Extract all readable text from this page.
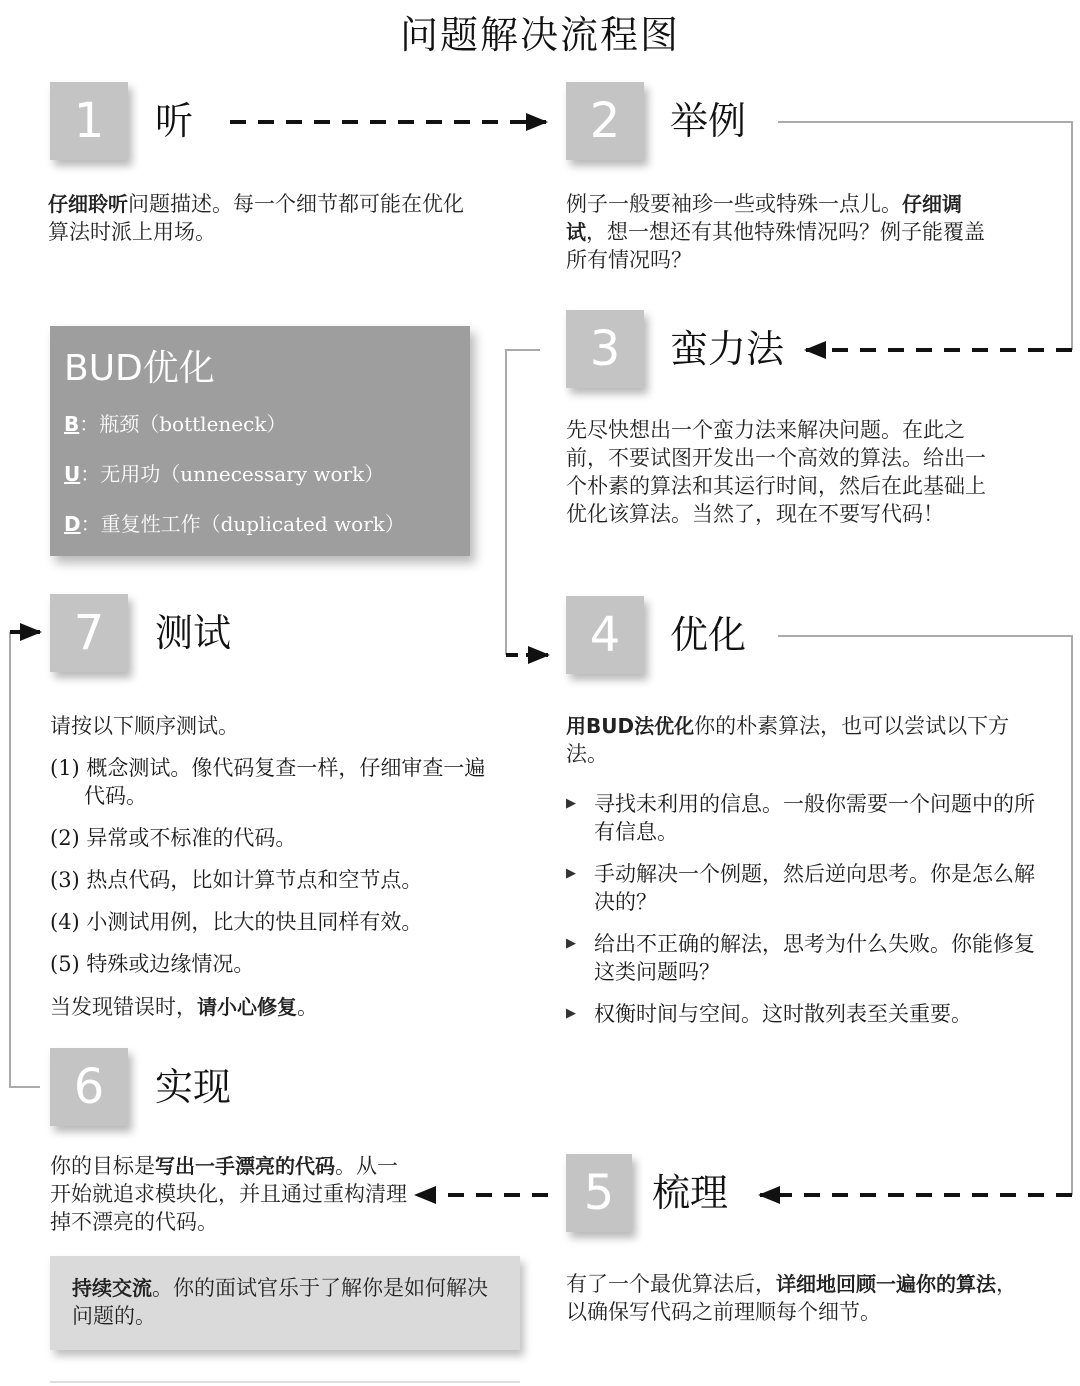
问题解决流程图
1	听
仔细聆听问题描述。每一个细节都可能在优化算法时派上用场。
2	举例
例子一般要袖珍一些或特殊一点儿。仔细调试，想一想还有其他特殊情况吗？例子能覆盖所有情况吗？
BUD优化
B：瓶颈（bottleneck）
U：无用功（unnecessary work）
D：重复性工作（duplicated work）
3	蛮力法
先尽快想出一个蛮力法来解决问题。在此之前，不要试图开发出一个高效的算法。给出一个朴素的算法和其运行时间，然后在此基础上优化该算法。当然了，现在不要写代码！
7	测试
请按以下顺序测试。
(1) 概念测试。像代码复查一样，仔细审查一遍代码。
(2) 异常或不标准的代码。
(3) 热点代码，比如计算节点和空节点。
(4) 小测试用例，比大的快且同样有效。
(5) 特殊或边缘情况。
当发现错误时，请小心修复。
4	优化
用BUD法优化你的朴素算法，也可以尝试以下方法。
▶ 寻找未利用的信息。一般你需要一个问题中的所有信息。
▶ 手动解决一个例题，然后逆向思考。你是怎么解决的？
▶ 给出不正确的解法，思考为什么失败。你能修复这类问题吗？
▶ 权衡时间与空间。这时散列表至关重要。
6	实现
你的目标是写出一手漂亮的代码。从一开始就追求模块化，并且通过重构清理掉不漂亮的代码。
5 梳理
有了一个最优算法后，详细地回顾一遍你的算法，以确保写代码之前理顺每个细节。
持续交流。你的面试官乐于了解你是如何解决问题的。
